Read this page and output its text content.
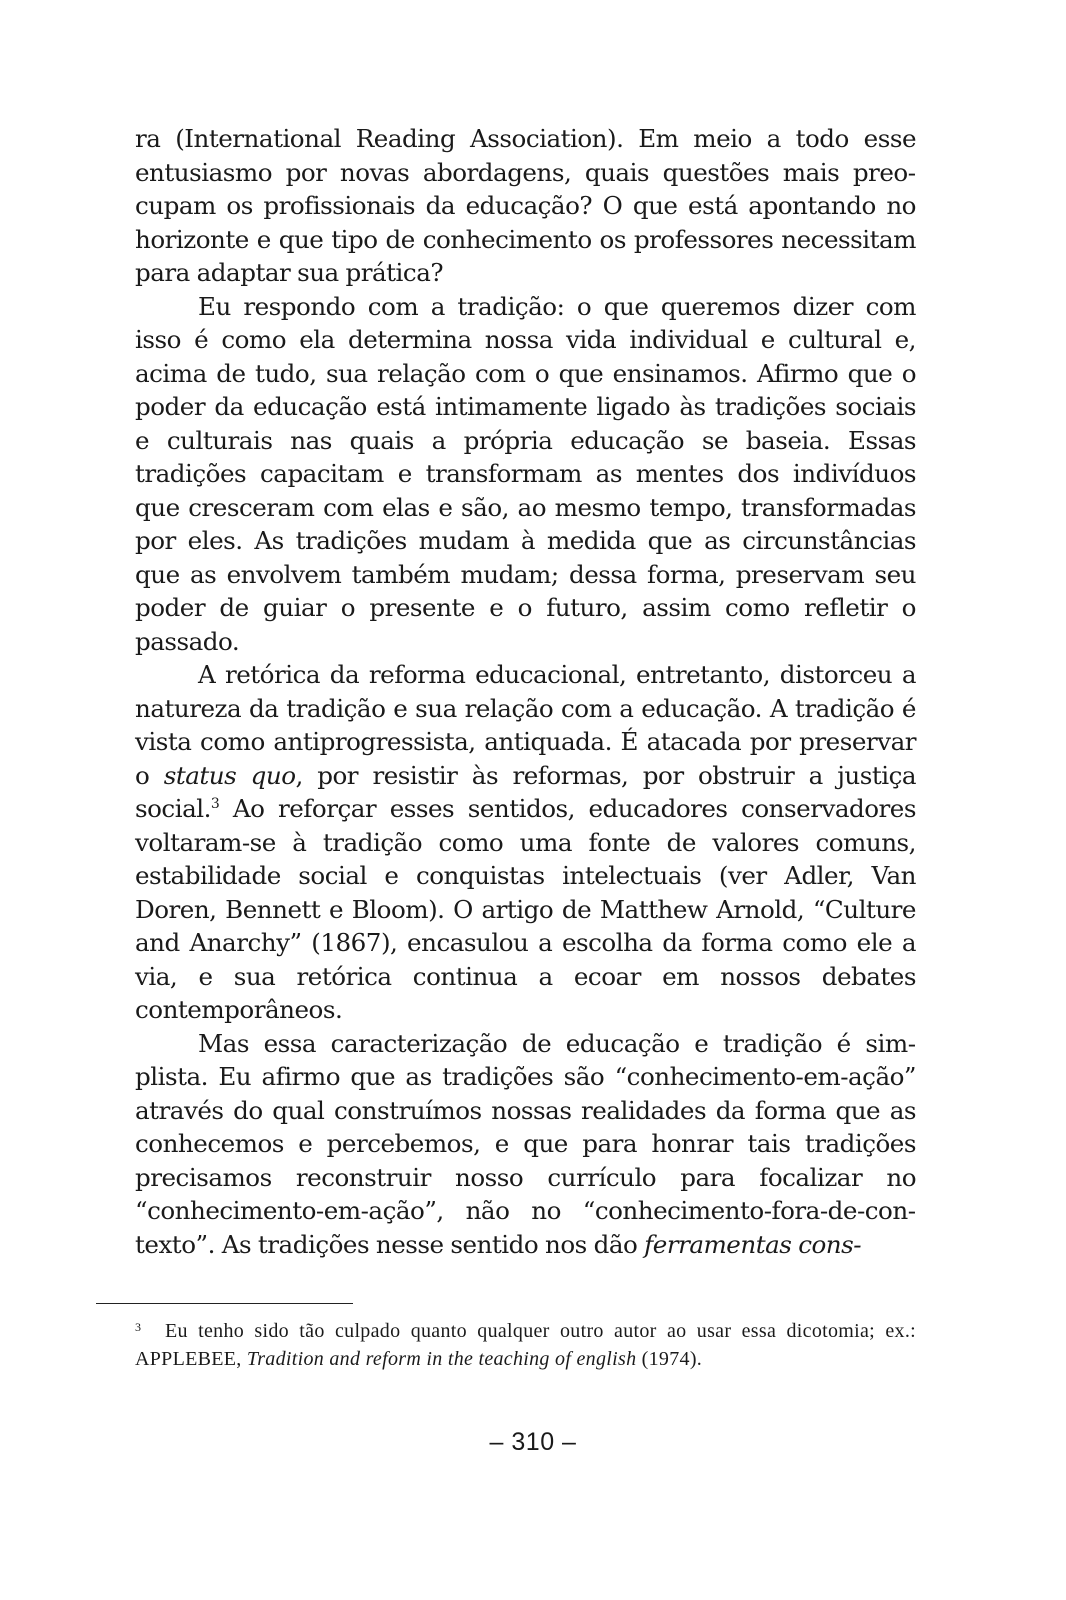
ra (International Reading Association). Em meio a todo esse entusiasmo por novas abordagens, quais questões mais preocupam os profissionais da educação? O que está apontando no horizonte e que tipo de conhecimento os professores necessitam para adaptar sua prática?

Eu respondo com a tradição: o que queremos dizer com isso é como ela determina nossa vida individual e cultural e, acima de tudo, sua relação com o que ensinamos. Afirmo que o poder da educação está intimamente ligado às tradições sociais e culturais nas quais a própria educação se baseia. Essas tradições capacitam e transformam as mentes dos indivíduos que cresceram com elas e são, ao mesmo tempo, transformadas por eles. As tradições mudam à medida que as circunstâncias que as envolvem também mudam; dessa forma, preservam seu poder de guiar o presente e o futuro, assim como refletir o passado.

A retórica da reforma educacional, entretanto, distorceu a natureza da tradição e sua relação com a educação. A tradição é vista como antiprogressista, antiquada. É atacada por preservar o status quo, por resistir às reformas, por obstruir a justiça social.$^3$ Ao reforçar esses sentidos, educadores conservadores voltaram-se à tradição como uma fonte de valores comuns, estabilidade social e conquistas intelectuais (ver Adler, Van Doren, Bennett e Bloom). O artigo de Matthew Arnold, “Culture and Anarchy” (1867), encasulou a escolha da forma como ele a via, e sua retórica continua a ecoar em nossos debates contemporâneos.

Mas essa caracterização de educação e tradição é simplista. Eu afirmo que as tradições são “conhecimento-em-ação” através do qual construímos nossas realidades da forma que as conhecemos e percebemos, e que para honrar tais tradições precisamos reconstruir nosso currículo para focalizar no “conhecimento-em-ação”, não no “conhecimento-fora-de-contexto”. As tradições nesse sentido nos dão ferramentas cons-

3 Eu tenho sido tão culpado quanto qualquer outro autor ao usar essa dicotomia; ex.: APPLEBEE, Tradition and reform in the teaching of english (1974).
– 310 –
